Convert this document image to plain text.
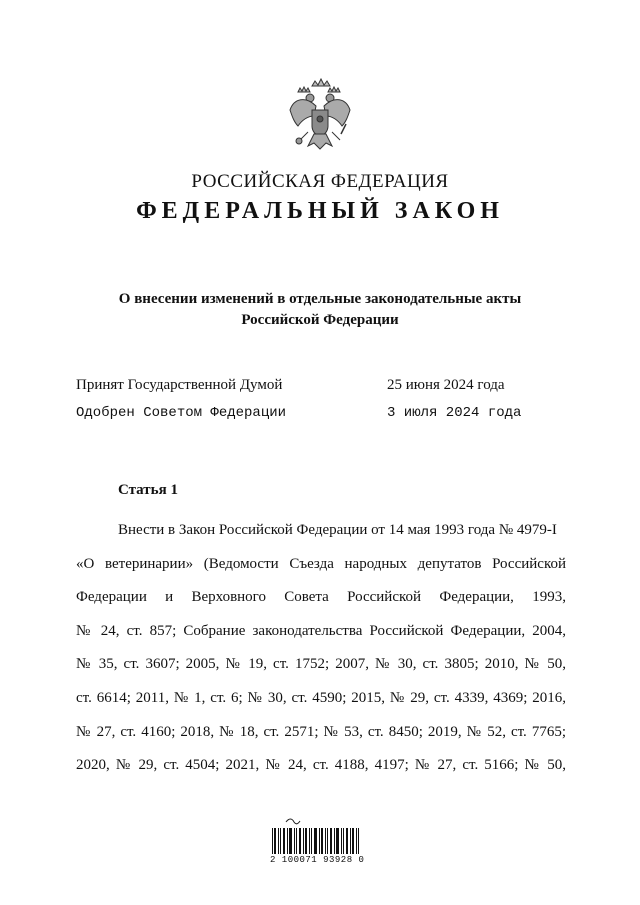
РОССИЙСКАЯ ФЕДЕРАЦИЯ
ФЕДЕРАЛЬНЫЙ ЗАКОН
О внесении изменений в отдельные законодательные акты
Российской Федерации
Принят Государственной Думой	25 июня 2024 года
Одобрен Советом Федерации	3 июля 2024 года
Статья 1
Внести в Закон Российской Федерации от 14 мая 1993 года № 4979-I
«О ветеринарии» (Ведомости Съезда народных депутатов Российской
Федерации и Верховного Совета Российской Федерации, 1993,
№ 24, ст. 857; Собрание законодательства Российской Федерации, 2004,
№ 35, ст. 3607; 2005, № 19, ст. 1752; 2007, № 30, ст. 3805; 2010, № 50,
ст. 6614; 2011, № 1, ст. 6; № 30, ст. 4590; 2015, № 29, ст. 4339, 4369; 2016,
№ 27, ст. 4160; 2018, № 18, ст. 2571; № 53, ст. 8450; 2019, № 52, ст. 7765;
2020, № 29, ст. 4504; 2021, № 24, ст. 4188, 4197; № 27, ст. 5166; № 50,
2 100071 93928 0
